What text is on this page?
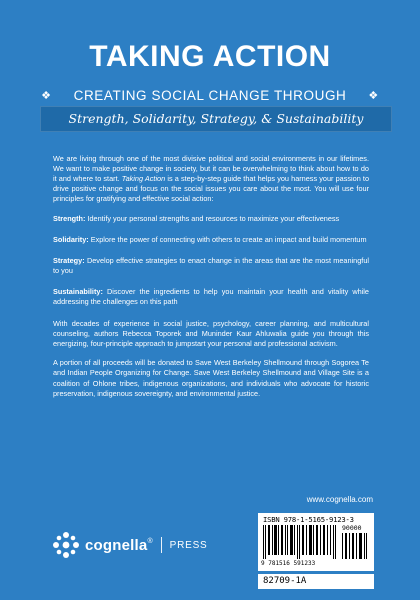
TAKING ACTION
❖ CREATING SOCIAL CHANGE THROUGH ❖
Strength, Solidarity, Strategy, & Sustainability

We are living through one of the most divisive political and social environments in our lifetimes. We want to make positive change in society, but it can be overwhelming to think about how to do it and where to start. Taking Action is a step-by-step guide that helps you harness your passion to drive positive change and focus on the social issues you care about the most. You will use four principles for gratifying and effective social action:

Strength: Identify your personal strengths and resources to maximize your effectiveness

Solidarity: Explore the power of connecting with others to create an impact and build momentum

Strategy: Develop effective strategies to enact change in the areas that are the most meaningful to you

Sustainability: Discover the ingredients to help you maintain your health and vitality while addressing the challenges on this path

With decades of experience in social justice, psychology, career planning, and multicultural counseling, authors Rebecca Toporek and Muninder Kaur Ahluwalia guide you through this energizing, four-principle approach to jumpstart your personal and professional activism.

A portion of all proceeds will be donated to Save West Berkeley Shellmound through Sogorea Te and Indian People Organizing for Change. Save West Berkeley Shellmound and Village Site is a coalition of Ohlone tribes, indigenous organizations, and individuals who advocate for historic preservation, indigenous sovereignty, and environmental justice.

www.cognella.com
cognella ® PRESS
ISBN 978-1-5165-9123-3
90000
9 781516 591233
82709-1A
